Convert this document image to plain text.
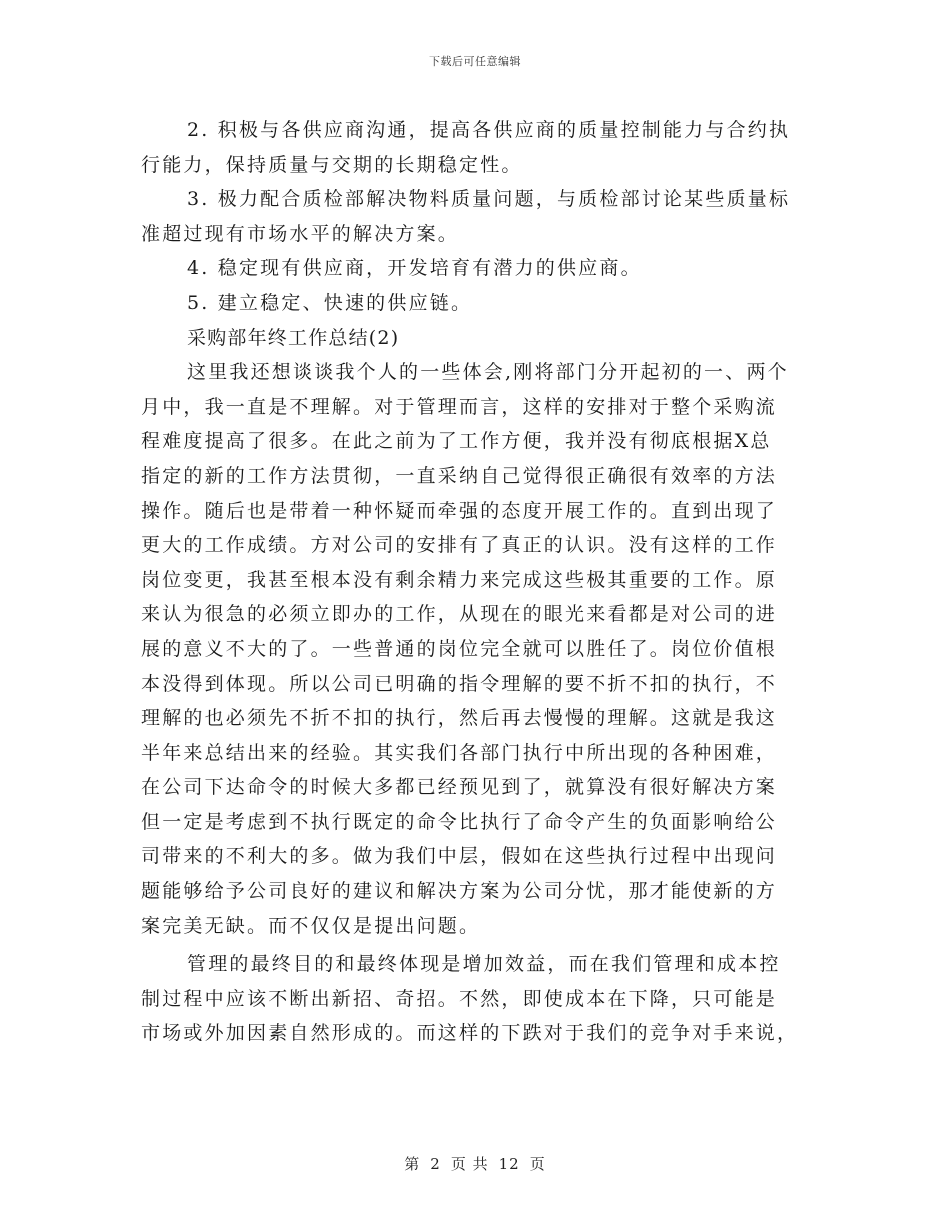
下载后可任意编辑
2. 积极与各供应商沟通，提高各供应商的质量控制能力与合约执
行能力，保持质量与交期的长期稳定性。
3. 极力配合质检部解决物料质量问题，与质检部讨论某些质量标
准超过现有市场水平的解决方案。
4. 稳定现有供应商，开发培育有潜力的供应商。
5. 建立稳定、快速的供应链。
采购部年终工作总结(2)
这里我还想谈谈我个人的一些体会,刚将部门分开起初的一、两个
月中，我一直是不理解。对于管理而言，这样的安排对于整个采购流
程难度提高了很多。在此之前为了工作方便，我并没有彻底根据X总
指定的新的工作方法贯彻，一直采纳自己觉得很正确很有效率的方法
操作。随后也是带着一种怀疑而牵强的态度开展工作的。直到出现了
更大的工作成绩。方对公司的安排有了真正的认识。没有这样的工作
岗位变更，我甚至根本没有剩余精力来完成这些极其重要的工作。原
来认为很急的必须立即办的工作，从现在的眼光来看都是对公司的进
展的意义不大的了。一些普通的岗位完全就可以胜任了。岗位价值根
本没得到体现。所以公司已明确的指令理解的要不折不扣的执行，不
理解的也必须先不折不扣的执行，然后再去慢慢的理解。这就是我这
半年来总结出来的经验。其实我们各部门执行中所出现的各种困难，
在公司下达命令的时候大多都已经预见到了，就算没有很好解决方案
但一定是考虑到不执行既定的命令比执行了命令产生的负面影响给公
司带来的不利大的多。做为我们中层，假如在这些执行过程中出现问
题能够给予公司良好的建议和解决方案为公司分忧，那才能使新的方
案完美无缺。而不仅仅是提出问题。
管理的最终目的和最终体现是增加效益，而在我们管理和成本控
制过程中应该不断出新招、奇招。不然，即使成本在下降，只可能是
市场或外加因素自然形成的。而这样的下跌对于我们的竞争对手来说，
第 2 页 共 12 页
